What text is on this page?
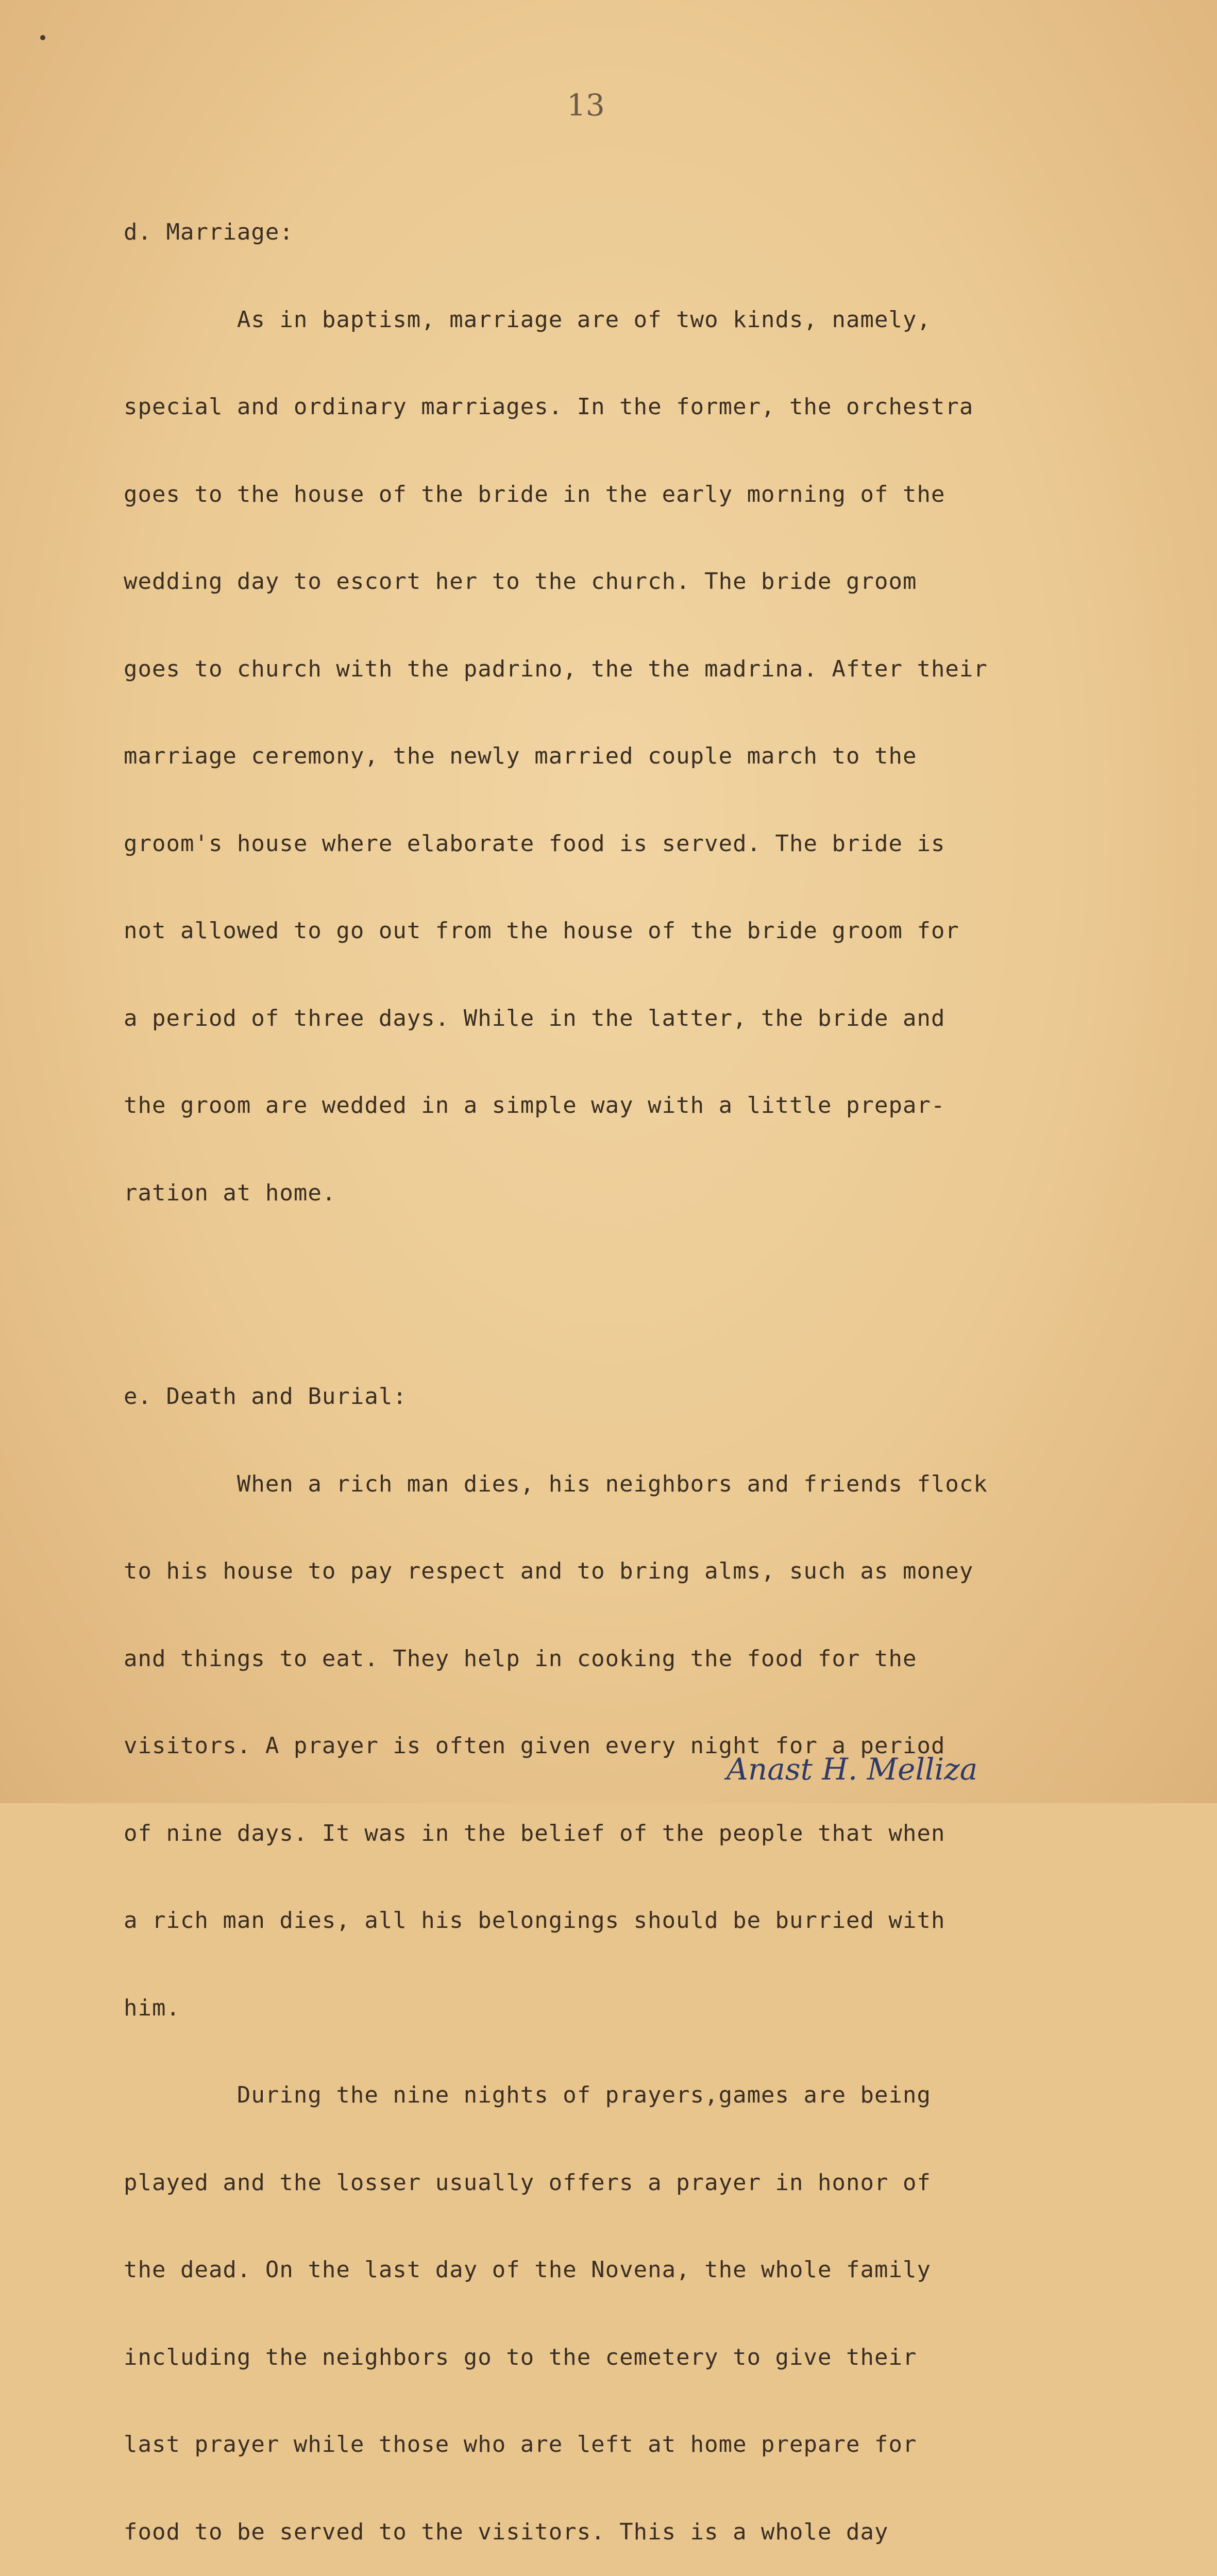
13

d. Marriage:

As in baptism, marriage are of two kinds, namely,

special and ordinary marriages. In the former, the orchestra

goes to the house of the bride in the early morning of the

wedding day to escort her to the church. The bride groom

goes to church with the padrino, the the madrina. After their

marriage ceremony, the newly married couple march to the

groom's house where elaborate food is served. The bride is

not allowed to go out from the house of the bride groom for

a period of three days. While in the latter, the bride and

the groom are wedded in a simple way with a little prepar-

ration at home.

e. Death and Burial:

When a rich man dies, his neighbors and friends flock

to his house to pay respect and to bring alms, such as money

and things to eat. They help in cooking the food for the

visitors. A prayer is often given every night for a period

of nine days. It was in the belief of the people that when

a rich man dies, all his belongings should be burried with

him.

During the nine nights of prayers,games are being

played and the losser usually offers a prayer in honor of

the dead. On the last day of the Novena, the whole family

including the neighbors go to the cemetery to give their

last prayer while those who are left at home prepare for

food to be served to the visitors. This is a whole day

Anast H. Melliza
